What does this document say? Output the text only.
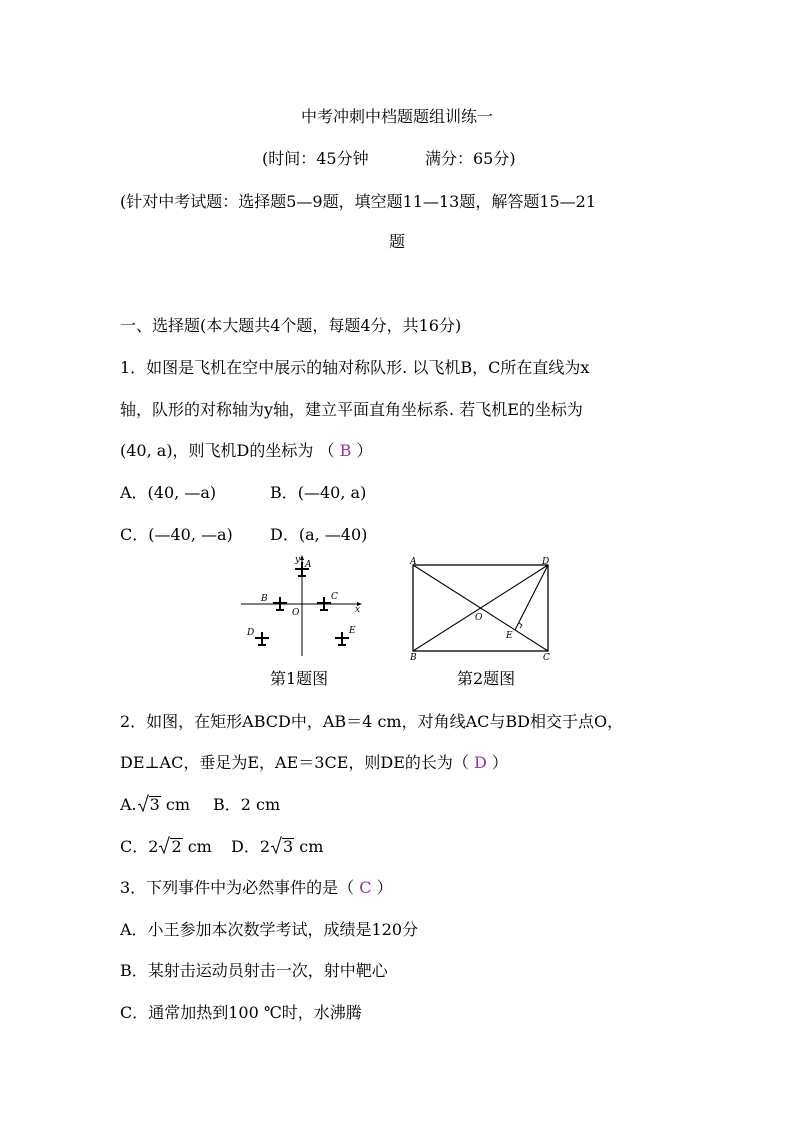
中考冲刺中档题题组训练一
(时间：45分钟	满分：65分)
(针对中考试题：选择题5—9题，填空题11—13题，解答题15—21
题
一、选择题(本大题共4个题，每题4分，共16分)
1．如图是飞机在空中展示的轴对称队形. 以飞机B，C所在直线为x
轴，队形的对称轴为y轴，建立平面直角坐标系. 若飞机E的坐标为
(40, a)，则飞机D的坐标为 （ B ）
A．(40, —a)	B．(—40, a)
C．(—40, —a) D．(a, —40)
y
x
O
A
B	C
D	E
第1题图
A
B	C
D
E
O
第2题图
2．如图，在矩形ABCD中，AB＝4 cm，对角线AC与BD相交于点O，
DE⊥AC，垂足为E，AE＝3CE，则DE的长为（ D ）
A. 3 cm B．2 cm
C．2 2 cm D．2 3 cm
3．下列事件中为必然事件的是（ C ）
A．小王参加本次数学考试，成绩是120分
B．某射击运动员射击一次，射中靶心
C．通常加热到100 ℃时，水沸腾
